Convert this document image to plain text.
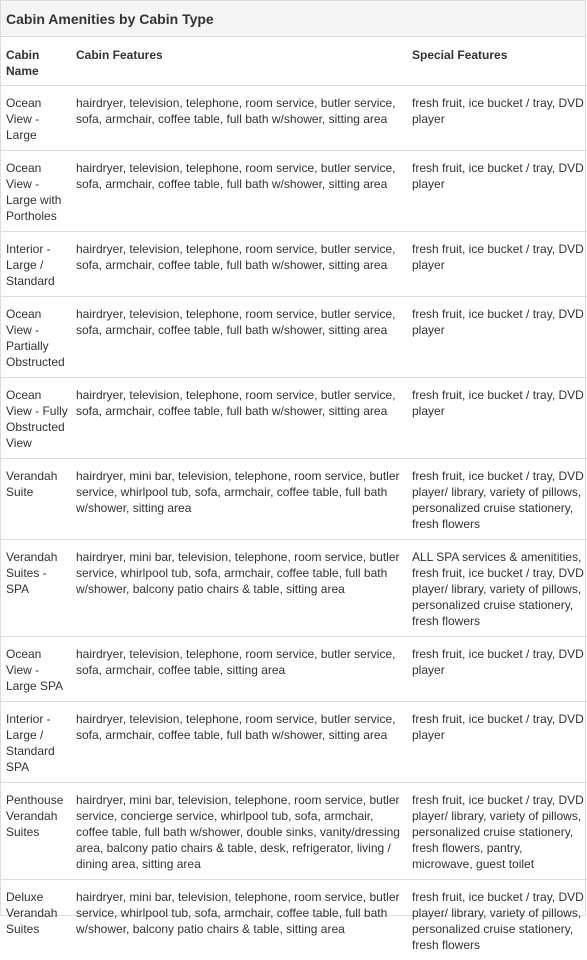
Cabin Amenities by Cabin Type
Cabin Name	Cabin Features	Special Features
Ocean View - Large	hairdryer, television, telephone, room service, butler service, sofa, armchair, coffee table, full bath w/shower, sitting area	fresh fruit, ice bucket / tray, DVD player
Ocean View - Large with Portholes	hairdryer, television, telephone, room service, butler service, sofa, armchair, coffee table, full bath w/shower, sitting area	fresh fruit, ice bucket / tray, DVD player
Interior - Large / Standard	hairdryer, television, telephone, room service, butler service, sofa, armchair, coffee table, full bath w/shower, sitting area	fresh fruit, ice bucket / tray, DVD player
Ocean View - Partially Obstructed	hairdryer, television, telephone, room service, butler service, sofa, armchair, coffee table, full bath w/shower, sitting area	fresh fruit, ice bucket / tray, DVD player
Ocean View - Fully Obstructed View	hairdryer, television, telephone, room service, butler service, sofa, armchair, coffee table, full bath w/shower, sitting area	fresh fruit, ice bucket / tray, DVD player
Verandah Suite	hairdryer, mini bar, television, telephone, room service, butler service, whirlpool tub, sofa, armchair, coffee table, full bath w/shower, sitting area	fresh fruit, ice bucket / tray, DVD player/ library, variety of pillows, personalized cruise stationery, fresh flowers
Verandah Suites - SPA	hairdryer, mini bar, television, telephone, room service, butler service, whirlpool tub, sofa, armchair, coffee table, full bath w/shower, balcony patio chairs & table, sitting area	ALL SPA services & amenitities, fresh fruit, ice bucket / tray, DVD player/ library, variety of pillows, personalized cruise stationery, fresh flowers
Ocean View - Large SPA	hairdryer, television, telephone, room service, butler service, sofa, armchair, coffee table, sitting area	fresh fruit, ice bucket / tray, DVD player
Interior - Large / Standard SPA	hairdryer, television, telephone, room service, butler service, sofa, armchair, coffee table, full bath w/shower, sitting area	fresh fruit, ice bucket / tray, DVD player
Penthouse Verandah Suites	hairdryer, mini bar, television, telephone, room service, butler service, concierge service, whirlpool tub, sofa, armchair, coffee table, full bath w/shower, double sinks, vanity/dressing area, balcony patio chairs & table, desk, refrigerator, living / dining area, sitting area	fresh fruit, ice bucket / tray, DVD player/ library, variety of pillows, personalized cruise stationery, fresh flowers, pantry, microwave, guest toilet
Deluxe Verandah Suites	hairdryer, mini bar, television, telephone, room service, butler service, whirlpool tub, sofa, armchair, coffee table, full bath w/shower, balcony patio chairs & table, sitting area	fresh fruit, ice bucket / tray, DVD player/ library, variety of pillows, personalized cruise stationery, fresh flowers
